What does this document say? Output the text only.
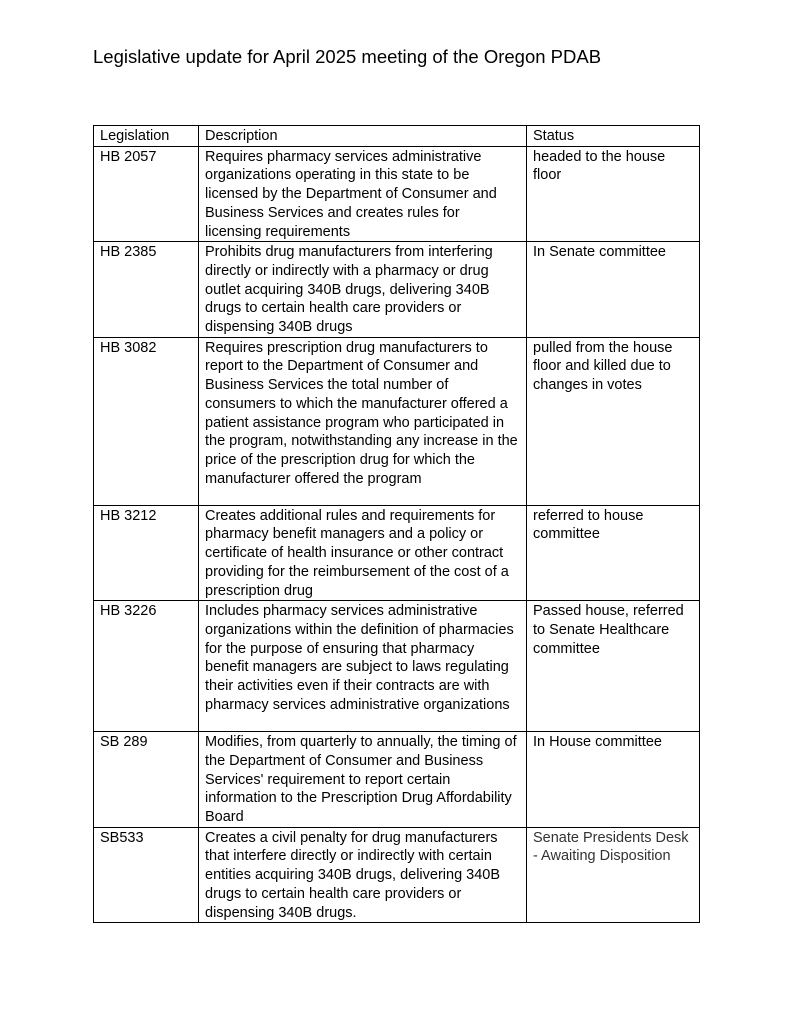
Legislative update for April 2025 meeting of the Oregon PDAB
Legislation	Description	Status
HB 2057	Requires pharmacy services administrative organizations operating in this state to be licensed by the Department of Consumer and Business Services and creates rules for licensing requirements	headed to the house floor
HB 2385	Prohibits drug manufacturers from interfering directly or indirectly with a pharmacy or drug outlet acquiring 340B drugs, delivering 340B drugs to certain health care providers or dispensing 340B drugs	In Senate committee
HB 3082	Requires prescription drug manufacturers to report to the Department of Consumer and Business Services the total number of consumers to which the manufacturer offered a patient assistance program who participated in the program, notwithstanding any increase in the price of the prescription drug for which the manufacturer offered the program	pulled from the house floor and killed due to changes in votes
HB 3212	Creates additional rules and requirements for pharmacy benefit managers and a policy or certificate of health insurance or other contract providing for the reimbursement of the cost of a prescription drug	referred to house committee
HB 3226	Includes pharmacy services administrative organizations within the definition of pharmacies for the purpose of ensuring that pharmacy benefit managers are subject to laws regulating their activities even if their contracts are with pharmacy services administrative organizations	Passed house, referred to Senate Healthcare committee
SB 289	Modifies, from quarterly to annually, the timing of the Department of Consumer and Business Services' requirement to report certain information to the Prescription Drug Affordability Board	In House committee
SB533	Creates a civil penalty for drug manufacturers that interfere directly or indirectly with certain entities acquiring 340B drugs, delivering 340B drugs to certain health care providers or dispensing 340B drugs.	Senate Presidents Desk - Awaiting Disposition
